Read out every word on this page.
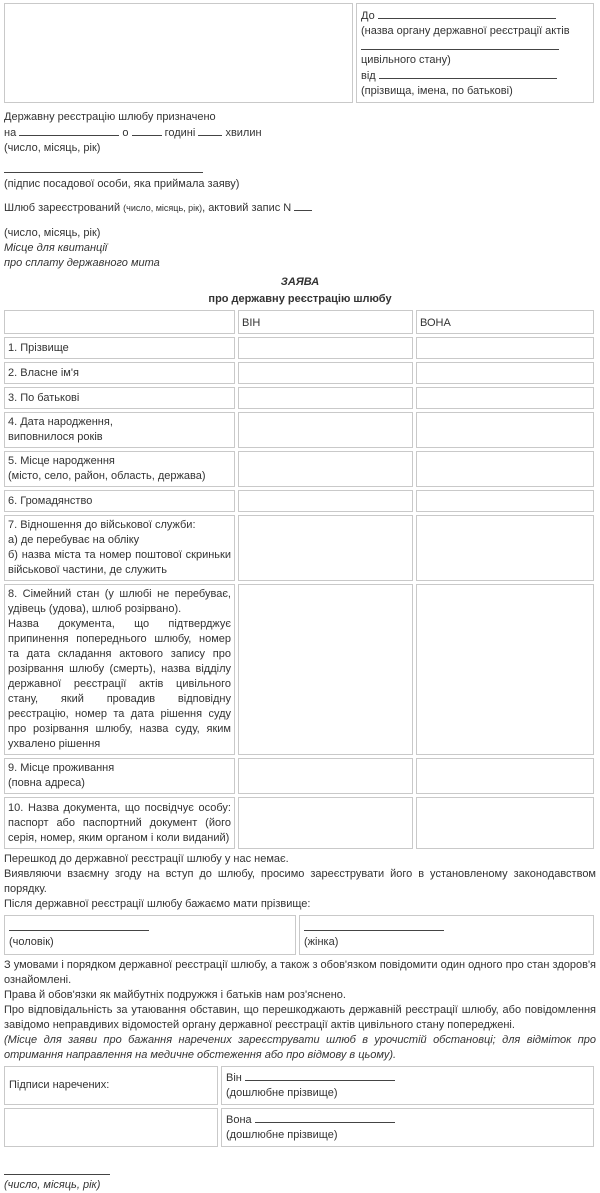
До
(назва органу державної реєстрації актів
цивільного стану)
від
(прізвища, імена, по батькові)

Державну реєстрацію шлюбу призначено

на	о	годині	хвилин

(число, місяць, рік)

(підпис посадової особи, яка приймала заяву)

Шлюб зареєстрований (число, місяць, рік), актовий запис N

(число, місяць, рік)

Місце для квитанції

про сплату державного мита

ЗАЯВА
про державну реєстрацію шлюбу
	ВІН	ВОНА

1. Прізвище		

2. Власне ім'я		

3. По батькові		

4. Дата народження,
виповнилося років		

5. Місце народження
(місто, село, район, область, держава)		

6. Громадянство		

7. Відношення до військової служби:
а) де перебуває на обліку
б) назва міста та номер поштової скриньки військової частини, де служить		

8. Сімейний стан (у шлюбі не перебуває, удівець (удова), шлюб розірвано).
Назва документа, що підтверджує припинення попереднього шлюбу, номер та дата складання актового запису про розірвання шлюбу (смерть), назва відділу державної реєстрації актів цивільного стану, який провадив відповідну реєстрацію, номер та дата рішення суду про розірвання шлюбу, назва суду, яким ухвалено рішення		

9. Місце проживання
(повна адреса)		

10. Назва документа, що посвідчує особу: паспорт або паспортний документ (його серія, номер, яким органом і коли виданий)		

Перешкод до державної реєстрації шлюбу у нас немає.

Виявляючи взаємну згоду на вступ до шлюбу, просимо зареєструвати його в установленому законодавством порядку.

Після державної реєстрації шлюбу бажаємо мати прізвище:

(чоловік)	(жінка)

З умовами і порядком державної реєстрації шлюбу, а також з обов'язком повідомити один одного про стан здоров'я ознайомлені.

Права й обов'язки як майбутніх подружжя і батьків нам роз'яснено.

Про відповідальність за утаювання обставин, що перешкоджають державній реєстрації шлюбу, або повідомлення завідомо неправдивих відомостей органу державної реєстрації актів цивільного стану попереджені.

(Місце для заяви про бажання наречених зареєструвати шлюб в урочистій обстановці; для відміток про отримання направлення на медичне обстеження або про відмову в цьому).

Підписи наречених:	Він
(дошлюбне прізвище)

	Вона
(дошлюбне прізвище)
(число, місяць, рік)
